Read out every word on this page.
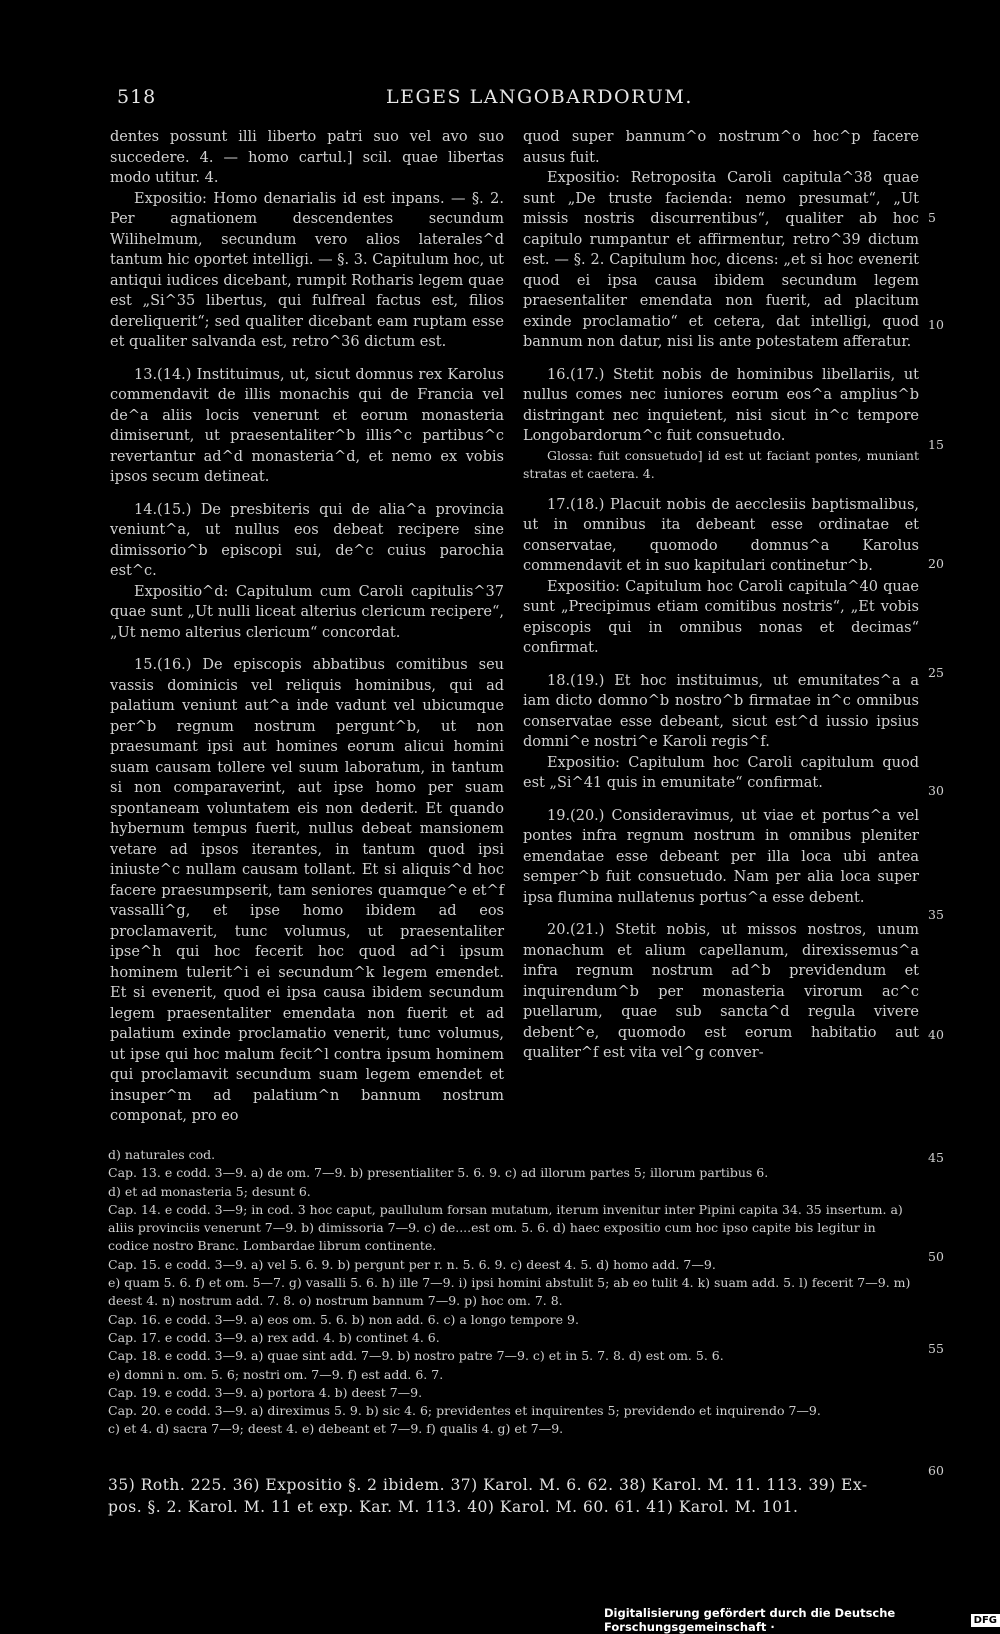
518	LEGES LANGOBARDORUM.

dentes possunt illi liberto patri suo vel avo suo succedere. 4. — homo cartul.] scil. quae libertas modo utitur. 4.

Expositio: Homo denarialis id est inpans. — §. 2. Per agnationem descendentes secundum Wilihelmum, secundum vero alios laterales^d tantum hic oportet intelligi. — §. 3. Capitulum hoc, ut antiqui iudices dicebant, rumpit Rotharis legem quae est „Si^35 libertus, qui fulfreal factus est, filios dereliquerit“; sed qualiter dicebant eam ruptam esse et qualiter salvanda est, retro^36 dictum est.

13.(14.) Instituimus, ut, sicut domnus rex Karolus commendavit de illis monachis qui de Francia vel de^a aliis locis venerunt et eorum monasteria dimiserunt, ut praesentaliter^b illis^c partibus^c revertantur ad^d monasteria^d, et nemo ex vobis ipsos secum detineat.

14.(15.) De presbiteris qui de alia^a provincia veniunt^a, ut nullus eos debeat recipere sine dimissorio^b episcopi sui, de^c cuius parochia est^c.

Expositio^d: Capitulum cum Caroli capitulis^37 quae sunt „Ut nulli liceat alterius clericum recipere“, „Ut nemo alterius clericum“ concordat.

15.(16.) De episcopis abbatibus comitibus seu vassis dominicis vel reliquis hominibus, qui ad palatium veniunt aut^a inde vadunt vel ubicumque per^b regnum nostrum pergunt^b, ut non praesumant ipsi aut homines eorum alicui homini suam causam tollere vel suum laboratum, in tantum si non comparaverint, aut ipse homo per suam spontaneam voluntatem eis non dederit. Et quando hybernum tempus fuerit, nullus debeat mansionem vetare ad ipsos iterantes, in tantum quod ipsi iniuste^c nullam causam tollant. Et si aliquis^d hoc facere praesumpserit, tam seniores quamque^e et^f vassalli^g, et ipse homo ibidem ad eos proclamaverit, tunc volumus, ut praesentaliter ipse^h qui hoc fecerit hoc quod ad^i ipsum hominem tulerit^i ei secundum^k legem emendet. Et si evenerit, quod ei ipsa causa ibidem secundum legem praesentaliter emendata non fuerit et ad palatium exinde proclamatio venerit, tunc volumus, ut ipse qui hoc malum fecit^l contra ipsum hominem qui proclamavit secundum suam legem emendet et insuper^m ad palatium^n bannum nostrum componat, pro eo

quod super bannum^o nostrum^o hoc^p facere ausus fuit.

Expositio: Retroposita Caroli capitula^38 quae sunt „De truste facienda: nemo presumat“, „Ut missis nostris discurrentibus“, qualiter ab hoc capitulo rumpantur et affirmentur, retro^39 dictum est. — §. 2. Capitulum hoc, dicens: „et si hoc evenerit quod ei ipsa causa ibidem secundum legem praesentaliter emendata non fuerit, ad placitum exinde proclamatio“ et cetera, dat intelligi, quod bannum non datur, nisi lis ante potestatem afferatur.

16.(17.) Stetit nobis de hominibus libellariis, ut nullus comes nec iuniores eorum eos^a amplius^b distringant nec inquietent, nisi sicut in^c tempore Longobardorum^c fuit consuetudo.

Glossa: fuit consuetudo] id est ut faciant pontes, muniant stratas et caetera. 4.

17.(18.) Placuit nobis de aecclesiis baptismalibus, ut in omnibus ita debeant esse ordinatae et conservatae, quomodo domnus^a Karolus commendavit et in suo kapitulari continetur^b.

Expositio: Capitulum hoc Caroli capitula^40 quae sunt „Precipimus etiam comitibus nostris“, „Et vobis episcopis qui in omnibus nonas et decimas“ confirmat.

18.(19.) Et hoc instituimus, ut emunitates^a a iam dicto domno^b nostro^b firmatae in^c omnibus conservatae esse debeant, sicut est^d iussio ipsius domni^e nostri^e Karoli regis^f.

Expositio: Capitulum hoc Caroli capitulum quod est „Si^41 quis in emunitate“ confirmat.

19.(20.) Consideravimus, ut viae et portus^a vel pontes infra regnum nostrum in omnibus pleniter emendatae esse debeant per illa loca ubi antea semper^b fuit consuetudo. Nam per alia loca super ipsa flumina nullatenus portus^a esse debent.

20.(21.) Stetit nobis, ut missos nostros, unum monachum et alium capellanum, direxissemus^a infra regnum nostrum ad^b previdendum et inquirendum^b per monasteria virorum ac^c puellarum, quae sub sancta^d regula vivere debent^e, quomodo est eorum habitatio aut qualiter^f est vita vel^g conver-

5
10
15
20
25
30
35
40
45
50
55
60

d) naturales cod.

Cap. 13. e codd. 3—9. a) de om. 7—9. b) presentialiter 5. 6. 9. c) ad illorum partes 5; illorum partibus 6.

d) et ad monasteria 5; desunt 6.

Cap. 14. e codd. 3—9; in cod. 3 hoc caput, paullulum forsan mutatum, iterum invenitur inter Pipini capita 34. 35 insertum. a) aliis provinciis venerunt 7—9. b) dimissoria 7—9. c) de....est om. 5. 6. d) haec expositio cum hoc ipso capite bis legitur in codice nostro Branc. Lombardae librum continente.

Cap. 15. e codd. 3—9. a) vel 5. 6. 9. b) pergunt per r. n. 5. 6. 9. c) deest 4. 5. d) homo add. 7—9.

e) quam 5. 6. f) et om. 5—7. g) vasalli 5. 6. h) ille 7—9. i) ipsi homini abstulit 5; ab eo tulit 4. k) suam add. 5. l) fecerit 7—9. m) deest 4. n) nostrum add. 7. 8. o) nostrum bannum 7—9. p) hoc om. 7. 8.

Cap. 16. e codd. 3—9. a) eos om. 5. 6. b) non add. 6. c) a longo tempore 9.

Cap. 17. e codd. 3—9. a) rex add. 4. b) continet 4. 6.

Cap. 18. e codd. 3—9. a) quae sint add. 7—9. b) nostro patre 7—9. c) et in 5. 7. 8. d) est om. 5. 6.

e) domni n. om. 5. 6; nostri om. 7—9. f) est add. 6. 7.

Cap. 19. e codd. 3—9. a) portora 4. b) deest 7—9.

Cap. 20. e codd. 3—9. a) direximus 5. 9. b) sic 4. 6; previdentes et inquirentes 5; previdendo et inquirendo 7—9.

c) et 4. d) sacra 7—9; deest 4. e) debeant et 7—9. f) qualis 4. g) et 7—9.

35) Roth. 225. 36) Expositio §. 2 ibidem. 37) Karol. M. 6. 62. 38) Karol. M. 11. 113. 39) Ex-

pos. §. 2. Karol. M. 11 et exp. Kar. M. 113. 40) Karol. M. 60. 61. 41) Karol. M. 101.

Digitalisierung gefördert durch die Deutsche Forschungsgemeinschaft ·	DFG
